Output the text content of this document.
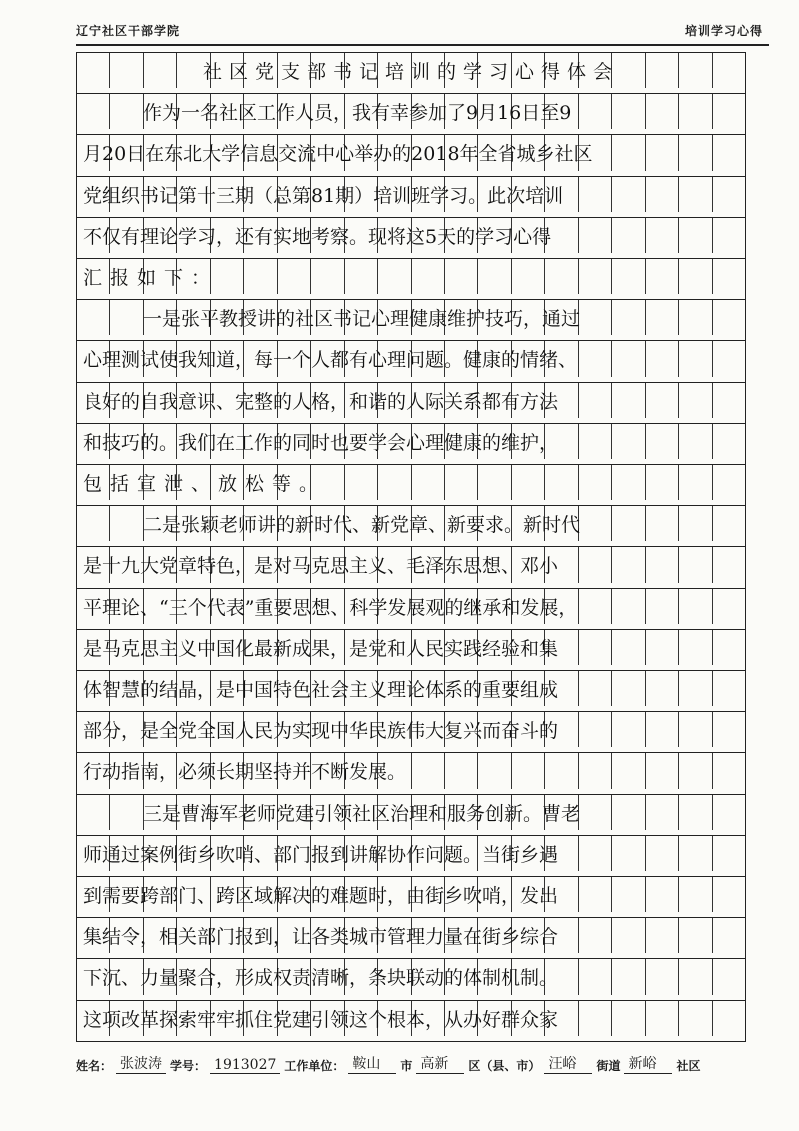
辽宁社区干部学院	培训学习心得
社区党支部书记培训的学习心得体会
作为一名社区工作人员，我有幸参加了9月16日至9
月20日在东北大学信息交流中心举办的2018年全省城乡社区
党组织书记第十三期（总第81期）培训班学习。此次培训
不仅有理论学习，还有实地考察。现将这5天的学习心得
汇报如下：
一是张平教授讲的社区书记心理健康维护技巧，通过
心理测试使我知道，每一个人都有心理问题。健康的情绪、
良好的自我意识、完整的人格，和谐的人际关系都有方法
和技巧的。我们在工作的同时也要学会心理健康的维护，
包括宣泄、放松等。
二是张颖老师讲的新时代、新党章、新要求。新时代
是十九大党章特色，是对马克思主义、毛泽东思想、邓小
平理论、“三个代表”重要思想、科学发展观的继承和发展，
是马克思主义中国化最新成果，是党和人民实践经验和集
体智慧的结晶，是中国特色社会主义理论体系的重要组成
部分，是全党全国人民为实现中华民族伟大复兴而奋斗的
行动指南，必须长期坚持并不断发展。
三是曹海军老师党建引领社区治理和服务创新。曹老
师通过案例街乡吹哨、部门报到讲解协作问题。当街乡遇
到需要跨部门、跨区域解决的难题时，由街乡吹哨，发出
集结令，相关部门报到，让各类城市管理力量在街乡综合
下沉、力量聚合，形成权责清晰，条块联动的体制机制。
这项改革探索牢牢抓住党建引领这个根本，从办好群众家
姓名： 张波涛 学号： 1913027 工作单位： 鞍山	市 高新	区（县、市） 汪峪	街道 新峪	社区
